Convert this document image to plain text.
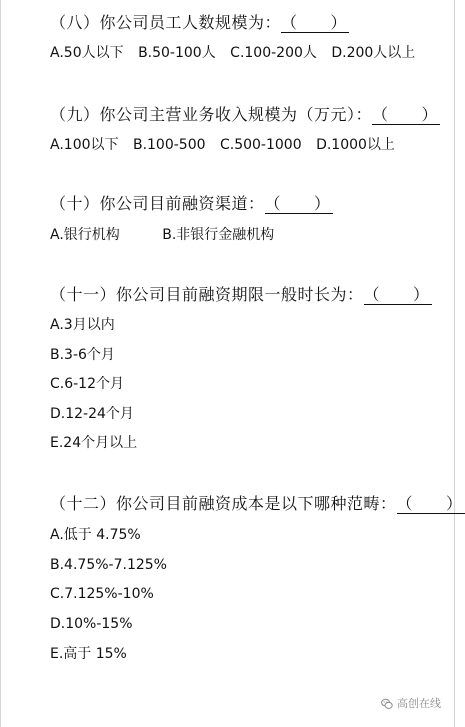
（八）你公司员工人数规模为：（　　）
A.50人以下 B.50-100人 C.100-200人 D.200人以上
（九）你公司主营业务收入规模为（万元）：（　　）
A.100以下 B.100-500 C.500-1000 D.1000以上
（十）你公司目前融资渠道：（　　）
A.银行机构	B.非银行金融机构
（十一）你公司目前融资期限一般时长为：（　　）
A.3月以内
B.3-6个月
C.6-12个月
D.12-24个月
E.24个月以上
（十二）你公司目前融资成本是以下哪种范畴：（　　）
A.低于 4.75%
B.4.75%-7.125%
C.7.125%-10%
D.10%-15%
E.高于 15%
高创在线
